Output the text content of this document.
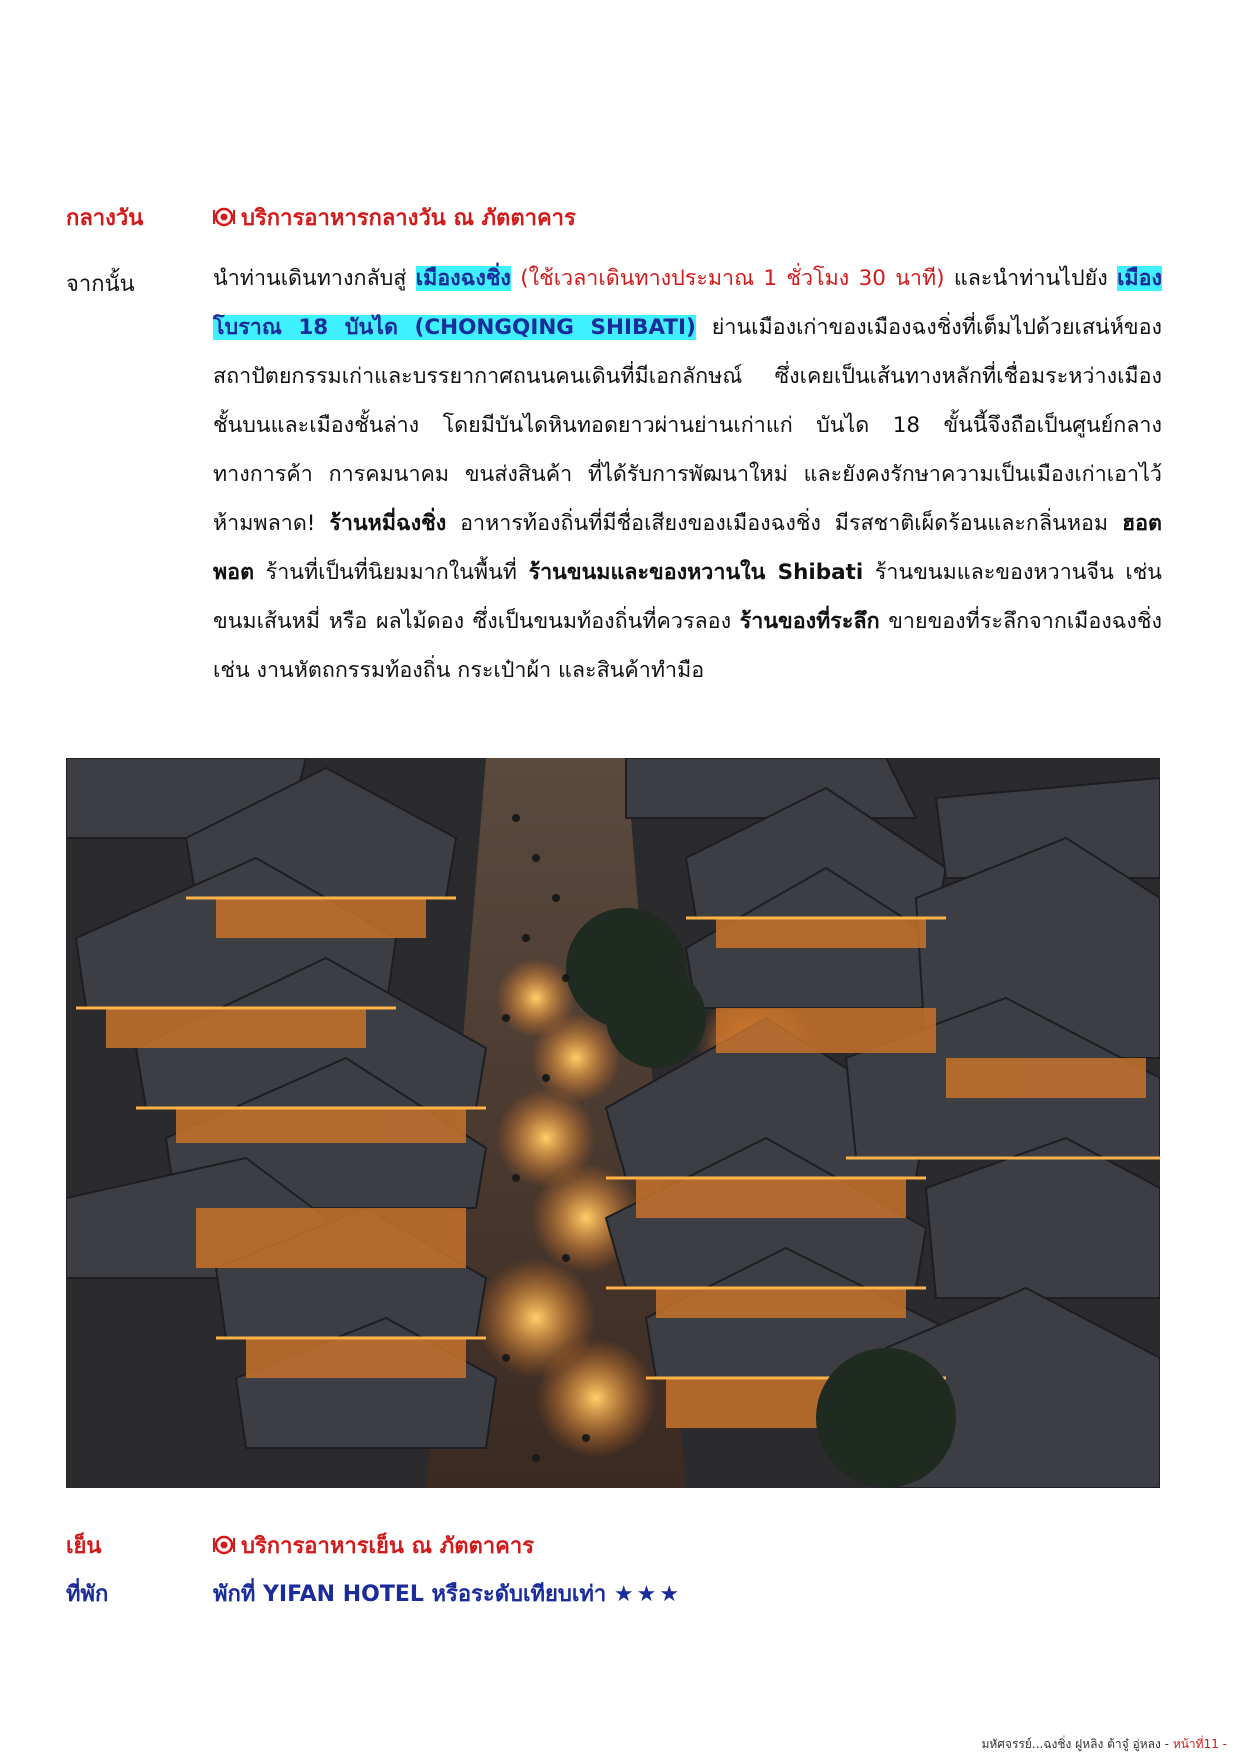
กลางวัน	บริการอาหารกลางวัน ณ ภัตตาคาร
จากนั้น	นำท่านเดินทางกลับสู่ เมืองฉงชิ่ง (ใช้เวลาเดินทางประมาณ 1 ชั่วโมง 30 นาที) และนำท่านไปยัง เมืองโบราณ 18 บันได (CHONGQING SHIBATI) ย่านเมืองเก่าของเมืองฉงชิ่งที่เต็มไปด้วยเสน่ห์ของสถาปัตยกรรมเก่าและบรรยากาศถนนคนเดินที่มีเอกลักษณ์ ซึ่งเคยเป็นเส้นทางหลักที่เชื่อมระหว่างเมืองชั้นบนและเมืองชั้นล่าง โดยมีบันไดหินทอดยาวผ่านย่านเก่าแก่ บันได 18 ขั้นนี้จึงถือเป็นศูนย์กลางทางการค้า การคมนาคม ขนส่งสินค้า ที่ได้รับการพัฒนาใหม่ และยังคงรักษาความเป็นเมืองเก่าเอาไว้ ห้ามพลาด! ร้านหมี่ฉงชิ่ง อาหารท้องถิ่นที่มีชื่อเสียงของเมืองฉงชิ่ง มีรสชาติเผ็ดร้อนและกลิ่นหอม ฮอตพอต ร้านที่เป็นที่นิยมมากในพื้นที่ ร้านขนมและของหวานใน Shibati ร้านขนมและของหวานจีน เช่น ขนมเส้นหมี่ หรือ ผลไม้ดอง ซึ่งเป็นขนมท้องถิ่นที่ควรลอง ร้านของที่ระลึก ขายของที่ระลึกจากเมืองฉงชิ่ง เช่น งานหัตถกรรมท้องถิ่น กระเป๋าผ้า และสินค้าทำมือ
เย็น	บริการอาหารเย็น ณ ภัตตาคาร
ที่พัก	พักที่ YIFAN HOTEL หรือระดับเทียบเท่า ★★★
มหัศจรรย์...ฉงชิ่ง ฝูหลิง ต้าจู๋ อู่หลง - หน้าที่11 -
